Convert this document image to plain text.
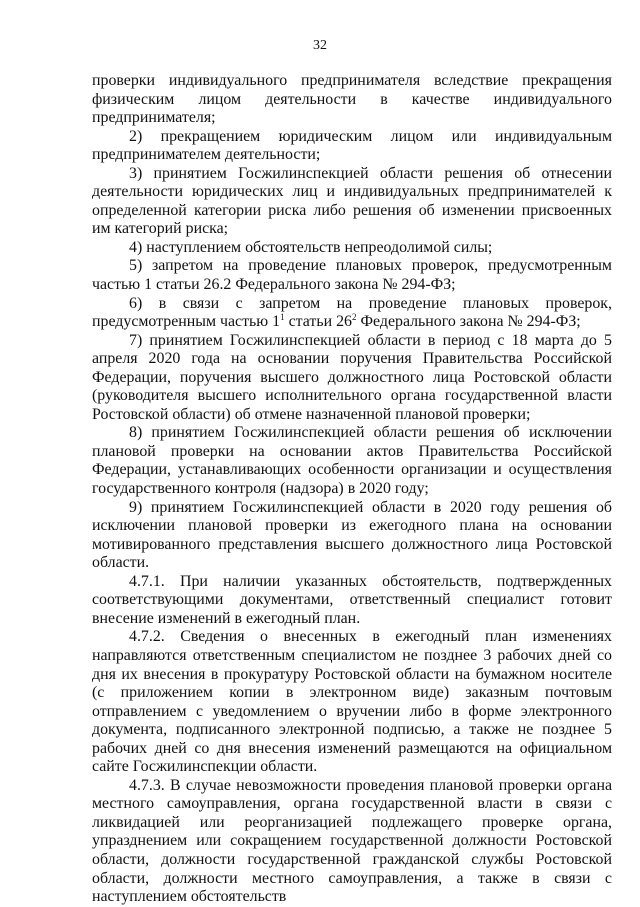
32

проверки индивидуального предпринимателя вследствие прекращения физическим лицом деятельности в качестве индивидуального предпринимателя;

2) прекращением юридическим лицом или индивидуальным предпринимателем деятельности;

3) принятием Госжилинспекцией области решения об отнесении деятельности юридических лиц и индивидуальных предпринимателей к определенной категории риска либо решения об изменении присвоенных им категорий риска;

4) наступлением обстоятельств непреодолимой силы;

5) запретом на проведение плановых проверок, предусмотренным частью 1 статьи 26.2 Федерального закона № 294-ФЗ;

6) в связи с запретом на проведение плановых проверок, предусмотренным частью $1^1$ статьи $26^2$ Федерального закона № 294-ФЗ;

7) принятием Госжилинспекцией области в период с 18 марта до 5 апреля 2020 года на основании поручения Правительства Российской Федерации, поручения высшего должностного лица Ростовской области (руководителя высшего исполнительного органа государственной власти Ростовской области) об отмене назначенной плановой проверки;

8) принятием Госжилинспекцией области решения об исключении плановой проверки на основании актов Правительства Российской Федерации, устанавливающих особенности организации и осуществления государственного контроля (надзора) в 2020 году;

9) принятием Госжилинспекцией области в 2020 году решения об исключении плановой проверки из ежегодного плана на основании мотивированного представления высшего должностного лица Ростовской области.

4.7.1. При наличии указанных обстоятельств, подтвержденных соответствующими документами, ответственный специалист готовит внесение изменений в ежегодный план.

4.7.2. Сведения о внесенных в ежегодный план изменениях направляются ответственным специалистом не позднее 3 рабочих дней со дня их внесения в прокуратуру Ростовской области на бумажном носителе (с приложением копии в электронном виде) заказным почтовым отправлением с уведомлением о вручении либо в форме электронного документа, подписанного электронной подписью, а также не позднее 5 рабочих дней со дня внесения изменений размещаются на официальном сайте Госжилинспекции области.

4.7.3. В случае невозможности проведения плановой проверки органа местного самоуправления, органа государственной власти в связи с ликвидацией или реорганизацией подлежащего проверке органа, упразднением или сокращением государственной должности Ростовской области, должности государственной гражданской службы Ростовской области, должности местного самоуправления, а также в связи с наступлением обстоятельств
